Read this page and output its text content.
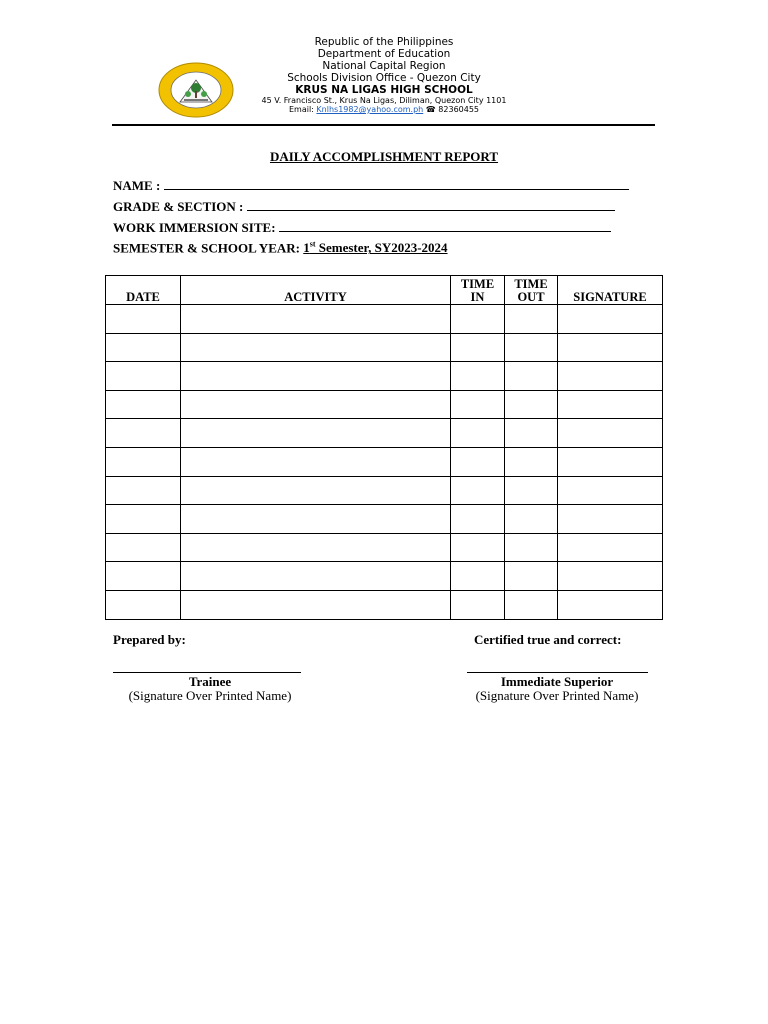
Republic of the Philippines
Department of Education
National Capital Region
Schools Division Office - Quezon City
KRUS NA LIGAS HIGH SCHOOL
45 V. Francisco St., Krus Na Ligas, Diliman, Quezon City 1101
Email: Knlhs1982@yahoo.com.ph ☎ 82360455
DAILY ACCOMPLISHMENT REPORT
NAME :
GRADE & SECTION :
WORK IMMERSION SITE:
SEMESTER & SCHOOL YEAR: 1st Semester, SY2023-2024
DATE	ACTIVITY	TIME IN	TIME OUT	SIGNATURE

Prepared by:	Certified true and correct:
Trainee
(Signature Over Printed Name)
Immediate Superior
(Signature Over Printed Name)
